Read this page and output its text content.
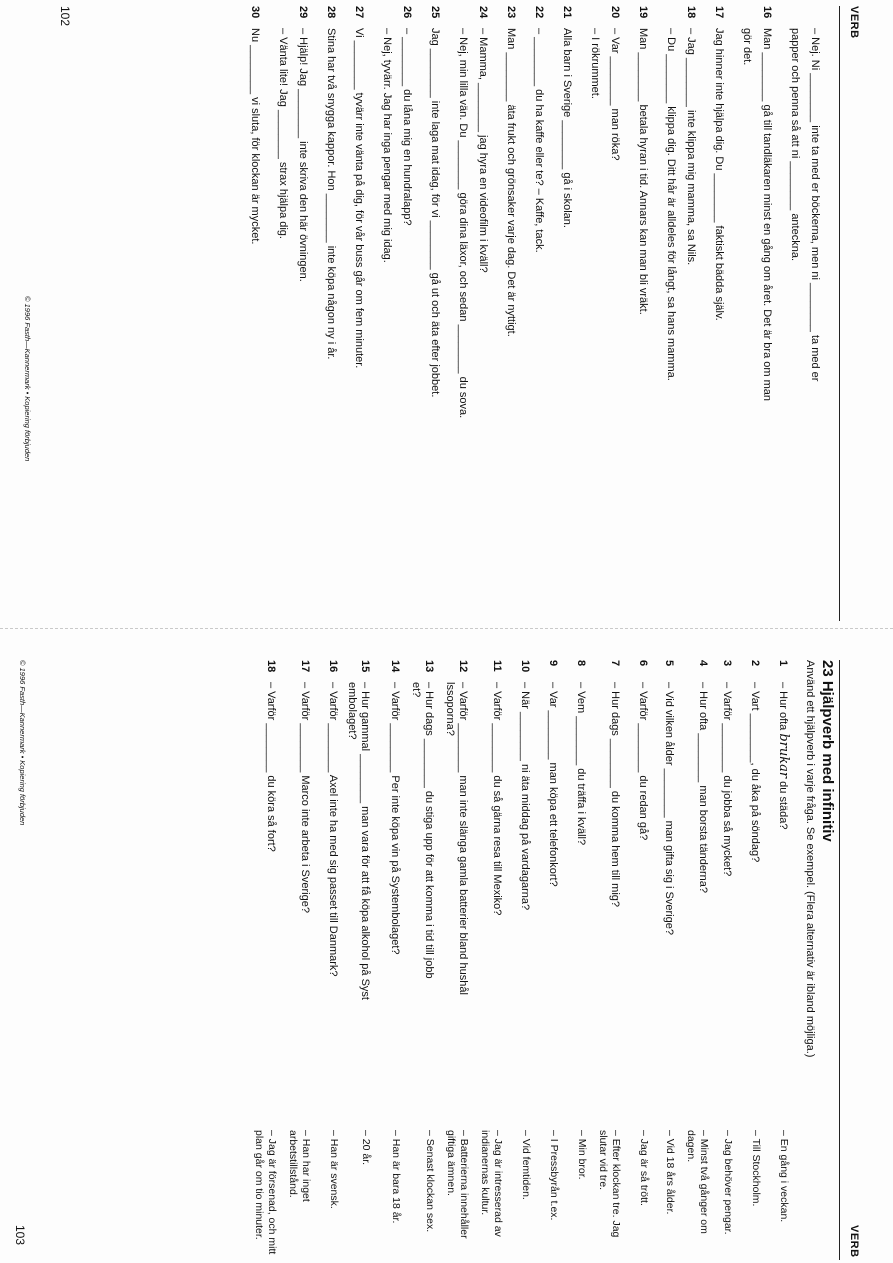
VERB
– Nej. Ni ________ inte ta med er böckerna, men ni ________ ta med er
papper och penna så att ni ________ anteckna.
16Man ________ gå till tandläkaren minst en gång om året. Det är bra om man
gör det.
17Jag hinner inte hjälpa dig. Du ________ faktiskt bädda själv.
18– Jag ________ inte klippa mig mamma, sa Nils.
– Du ________ klippa dig. Ditt hår är alldeles för långt, sa hans mamma.
19Man ________ betala hyran i tid. Annars kan man bli vräkt.
20– Var ________ man röka?
– I rökrummet.
21Alla barn i Sverige ________ gå i skolan.
22– ________ du ha kaffe eller te? – Kaffe, tack.
23Man ________ äta frukt och grönsaker varje dag. Det är nyttigt.
24– Mamma, ________ jag hyra en videofilm i kväll?
– Nej, min lilla vän. Du ________ göra dina läxor, och sedan ________ du sova.
25Jag ________ inte laga mat idag, för vi ________ gå ut och äta efter jobbet.
26– ________ du låna mig en hundralapp?
– Nej, tyvärr. Jag har inga pengar med mig idag.
27Vi ________ tyvärr inte vänta på dig, för vår buss går om fem minuter.
28Stina har två snygga kappor. Hon ________ inte köpa någon ny i år.
29– Hjälp! Jag ________ inte skriva den här övningen.
– Vänta lite! Jag ________ strax hjälpa dig.
30Nu ________ vi sluta, för klockan är mycket.
102
© 1996 Fasth—Kannermark • Kopiering förbjuden
VERB
23 Hjälpverb med infinitiv
Använd ett hjälpverb i varje fråga. Se exempel. (Flera alternativ är ibland möjliga.)
1– Hur ofta brukar du städa?
– En gång i veckan.
2– Vart ________, du åka på söndag?
– Till Stockholm.
3– Varför ________ du jobba så mycket?
– Jag behöver pengar.
4– Hur ofta ________ man borsta tänderna?
– Minst två gånger om dagen.
5– Vid vilken ålder ________ man gifta sig i Sverige?
– Vid 18 års ålder.
6– Varför ________ du redan gå?
– Jag är så trött.
7– Hur dags ________ du komma hem till mig?
– Efter klockan tre. Jag slutar vid tre.
8– Vem ________ du träffa i kväll?
– Min bror.
9– Var ________ man köpa ett telefonkort?
– I Pressbyrån t.ex.
10– När ________ ni äta middag på vardagarna?
– Vid femtiden.
11– Varför ________ du så gärna resa till Mexiko?
– Jag är intresserad av indianernas kultur.
12– Varför ________ man inte slänga gamla batterier bland hushål
lssoporna?
– Batterierna innehåller giftiga ämnen.
13– Hur dags ________ du stiga upp för att komma i tid till jobb
et?
– Senast klockan sex.
14– Varför ________ Per inte köpa vin på Systembolaget?
– Han är bara 18 år.
15– Hur gammal ________ man vara för att få köpa alkohol på Syst
embolaget?
– 20 år.
16– Varför ________ Axel inte ha med sig passet till Danmark?
– Han är svensk.
17– Varför ________ Marco inte arbeta i Sverige?
– Han har inget arbetstillstånd.
18– Varför ________ du köra så fort?
– Jag är försenad, och mitt plan går om tio minuter.
103
© 1996 Fasth—Kannermark • Kopiering förbjuden
